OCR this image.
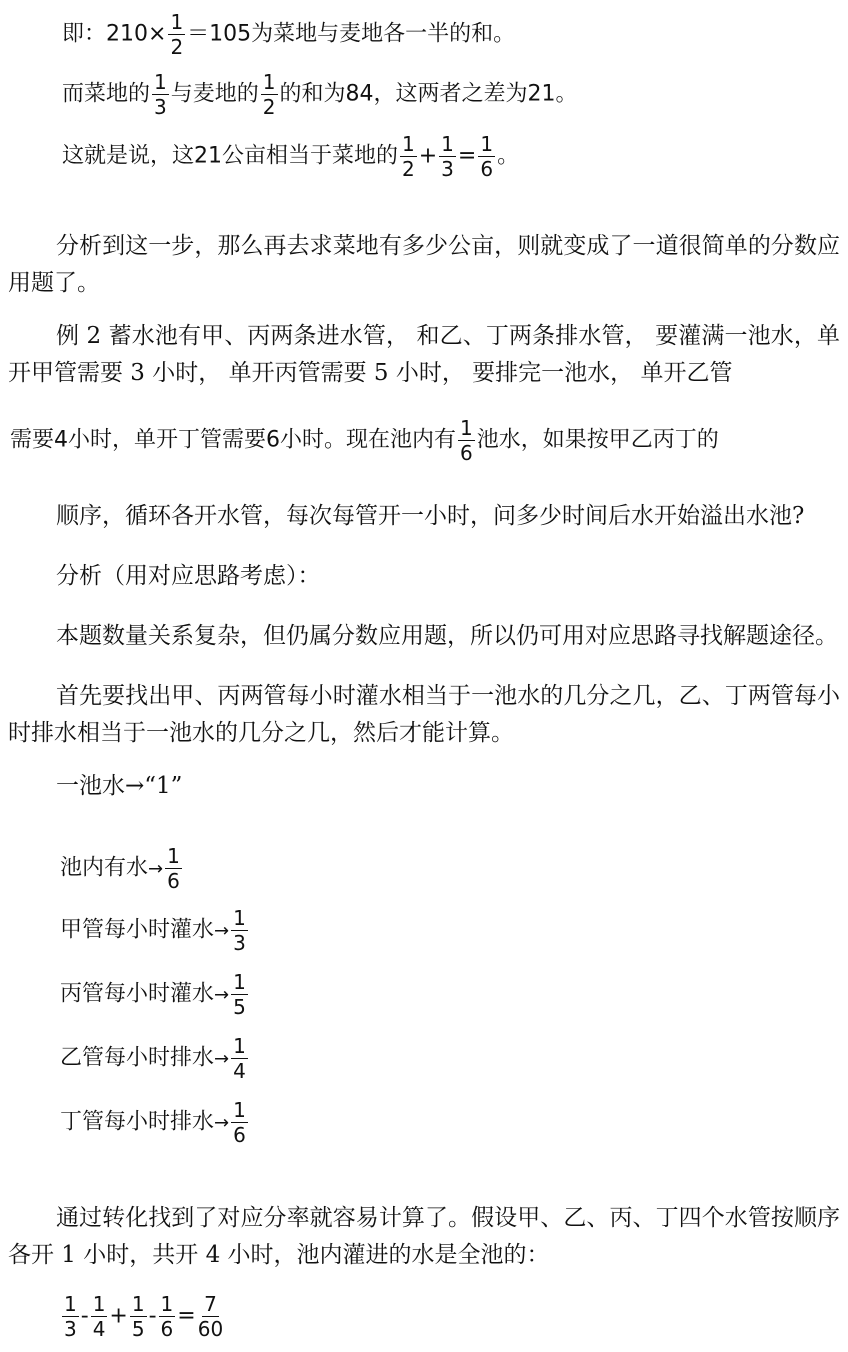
即：$210\times \frac{1}{2} =105$为菜地与麦地各一半的和。
而菜地的 $\frac{1}{3}$ 与麦地的 $\frac{1}{2}$ 的和为84，这两者之差为21。
这就是说，这21公亩相当于菜地的 $\frac{1}{2} + \frac{1}{3} = \frac{1}{6}$ 。
分析到这一步，那么再去求菜地有多少公亩，则就变成了一道很简单的分数应用题了。
例 2 蓄水池有甲、丙两条进水管， 和乙、丁两条排水管， 要灌满一池水，单开甲管需要 3 小时， 单开丙管需要 5 小时， 要排完一池水， 单开乙管
需要4小时，单开丁管需要6小时。现在池内有 $\frac{1}{6}$ 池水，如果按甲乙丙丁的
顺序，循环各开水管，每次每管开一小时，问多少时间后水开始溢出水池?
分析（用对应思路考虑）：
本题数量关系复杂，但仍属分数应用题，所以仍可用对应思路寻找解题途径。
首先要找出甲、丙两管每小时灌水相当于一池水的几分之几，乙、丁两管每小时排水相当于一池水的几分之几，然后才能计算。
一池水→“1”
池内有水→ $\frac{1}{6}$
甲管每小时灌水→ $\frac{1}{3}$
丙管每小时灌水→ $\frac{1}{5}$
乙管每小时排水→ $\frac{1}{4}$
丁管每小时排水→ $\frac{1}{6}$
通过转化找到了对应分率就容易计算了。假设甲、乙、丙、丁四个水管按顺序各开 1 小时，共开 4 小时，池内灌进的水是全池的：
$\frac{1}{3} - \frac{1}{4} + \frac{1}{5} - \frac{1}{6} = \frac{7}{60}$
